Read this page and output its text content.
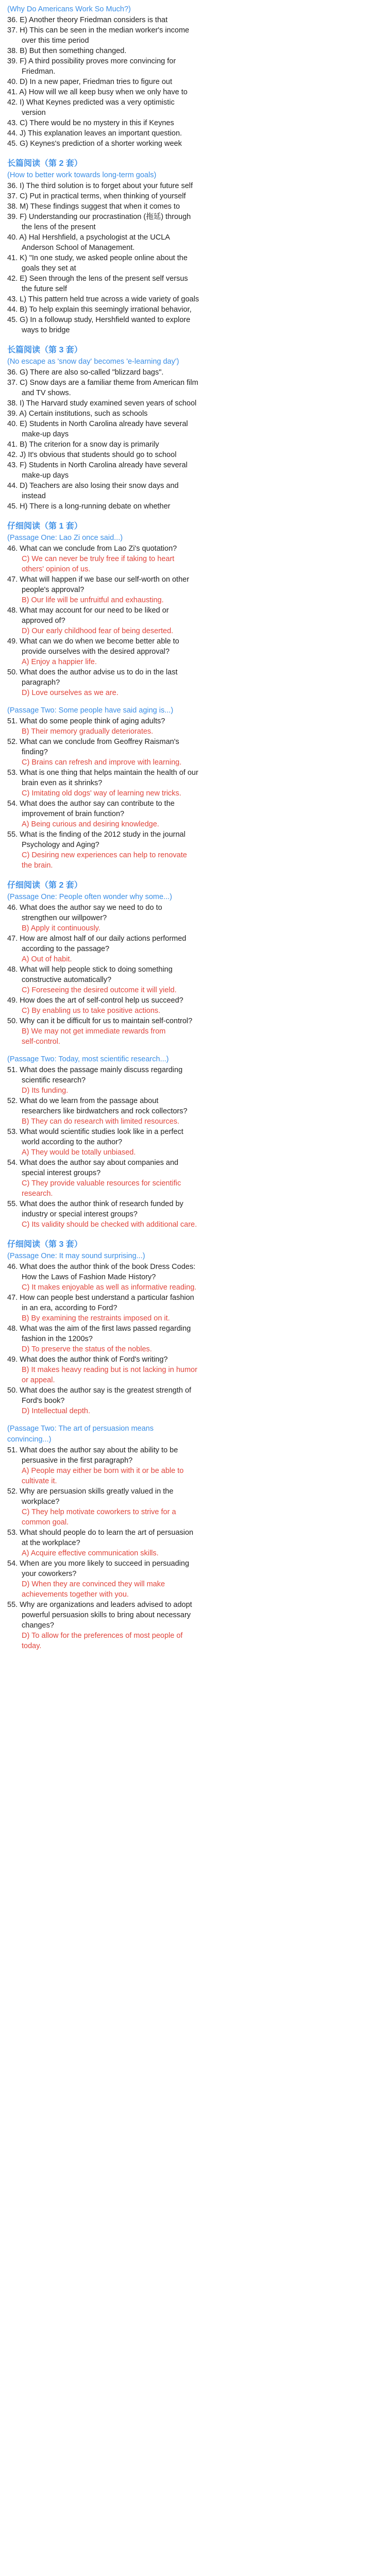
(Why Do Americans Work So Much?)
36. E) Another theory Friedman considers is that
37. H) This can be seen in the median worker's income
over this time period
38. B) But then something changed.
39. F) A third possibility proves more convincing for
Friedman.
40. D) In a new paper, Friedman tries to figure out
41. A) How will we all keep busy when we only have to
42. I) What Keynes predicted was a very optimistic
version
43. C) There would be no mystery in this if Keynes
44. J) This explanation leaves an important question.
45. G) Keynes's prediction of a shorter working week
长篇阅读（第 2 套）
(How to better work towards long-term goals)
36. I) The third solution is to forget about your future self
37. C) Put in practical terms, when thinking of yourself
38. M) These findings suggest that when it comes to
39. F) Understanding our procrastination (拖延) through
the lens of the present
40. A) Hal Hershfield, a psychologist at the UCLA
Anderson School of Management.
41. K) "In one study, we asked people online about the
goals they set at
42. E) Seen through the lens of the present self versus
the future self
43. L) This pattern held true across a wide variety of goals
44. B) To help explain this seemingly irrational behavior,
45. G) In a followup study, Hershfield wanted to explore
ways to bridge
长篇阅读（第 3 套）
(No escape as 'snow day' becomes 'e-learning day')
36. G) There are also so-called "blizzard bags".
37. C) Snow days are a familiar theme from American film
and TV shows.
38. I) The Harvard study examined seven years of school
39. A) Certain institutions, such as schools
40. E) Students in North Carolina already have several
make-up days
41. B) The criterion for a snow day is primarily
42. J) It's obvious that students should go to school
43. F) Students in North Carolina already have several
make-up days
44. D) Teachers are also losing their snow days and
instead
45. H) There is a long-running debate on whether
仔细阅读（第 1 套）
(Passage One: Lao Zi once said...)
46. What can we conclude from Lao Zi's quotation?
C) We can never be truly free if taking to heart
others' opinion of us.
47. What will happen if we base our self-worth on other
people's approval?
B) Our life will be unfruitful and exhausting.
48. What may account for our need to be liked or
approved of?
D) Our early childhood fear of being deserted.
49. What can we do when we become better able to
provide ourselves with the desired approval?
A) Enjoy a happier life.
50. What does the author advise us to do in the last
paragraph?
D) Love ourselves as we are.
(Passage Two: Some people have said aging is...)
51. What do some people think of aging adults?
B) Their memory gradually deteriorates.
52. What can we conclude from Geoffrey Raisman's
finding?
C) Brains can refresh and improve with learning.
53. What is one thing that helps maintain the health of our
brain even as it shrinks?
C) Imitating old dogs' way of learning new tricks.
54. What does the author say can contribute to the
improvement of brain function?
A) Being curious and desiring knowledge.
55. What is the finding of the 2012 study in the journal
Psychology and Aging?
C) Desiring new experiences can help to renovate
the brain.
仔细阅读（第 2 套）
(Passage One: People often wonder why some...)
46. What does the author say we need to do to
strengthen our willpower?
B) Apply it continuously.
47. How are almost half of our daily actions performed
according to the passage?
A) Out of habit.
48. What will help people stick to doing something
constructive automatically?
C) Foreseeing the desired outcome it will yield.
49. How does the art of self-control help us succeed?
C) By enabling us to take positive actions.
50. Why can it be difficult for us to maintain self-control?
B) We may not get immediate rewards from
self-control.
(Passage Two: Today, most scientific research...)
51. What does the passage mainly discuss regarding
scientific research?
D) Its funding.
52. What do we learn from the passage about
researchers like birdwatchers and rock collectors?
B) They can do research with limited resources.
53. What would scientific studies look like in a perfect
world according to the author?
A) They would be totally unbiased.
54. What does the author say about companies and
special interest groups?
C) They provide valuable resources for scientific
research.
55. What does the author think of research funded by
industry or special interest groups?
C) Its validity should be checked with additional care.
仔细阅读（第 3 套）
(Passage One: It may sound surprising...)
46. What does the author think of the book Dress Codes:
How the Laws of Fashion Made History?
C) It makes enjoyable as well as informative reading.
47. How can people best understand a particular fashion
in an era, according to Ford?
B) By examining the restraints imposed on it.
48. What was the aim of the first laws passed regarding
fashion in the 1200s?
D) To preserve the status of the nobles.
49. What does the author think of Ford's writing?
B) It makes heavy reading but is not lacking in humor
or appeal.
50. What does the author say is the greatest strength of
Ford's book?
D) Intellectual depth.
(Passage Two: The art of persuasion means
convincing...)
51. What does the author say about the ability to be
persuasive in the first paragraph?
A) People may either be born with it or be able to
cultivate it.
52. Why are persuasion skills greatly valued in the
workplace?
C) They help motivate coworkers to strive for a
common goal.
53. What should people do to learn the art of persuasion
at the workplace?
A) Acquire effective communication skills.
54. When are you more likely to succeed in persuading
your coworkers?
D) When they are convinced they will make
achievements together with you.
55. Why are organizations and leaders advised to adopt
powerful persuasion skills to bring about necessary
changes?
D) To allow for the preferences of most people of
today.
